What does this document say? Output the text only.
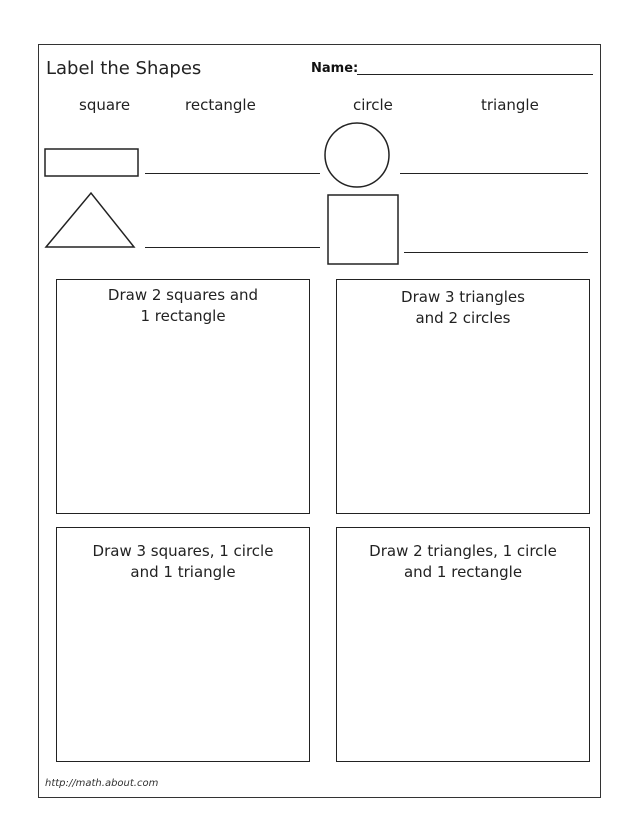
Label the Shapes	Name:
square	rectangle	circle	triangle
Draw 2 squares and
1 rectangle
Draw 3 triangles
and 2 circles
Draw 3 squares, 1 circle
and 1 triangle
Draw 2 triangles, 1 circle
and 1 rectangle
http://math.about.com
